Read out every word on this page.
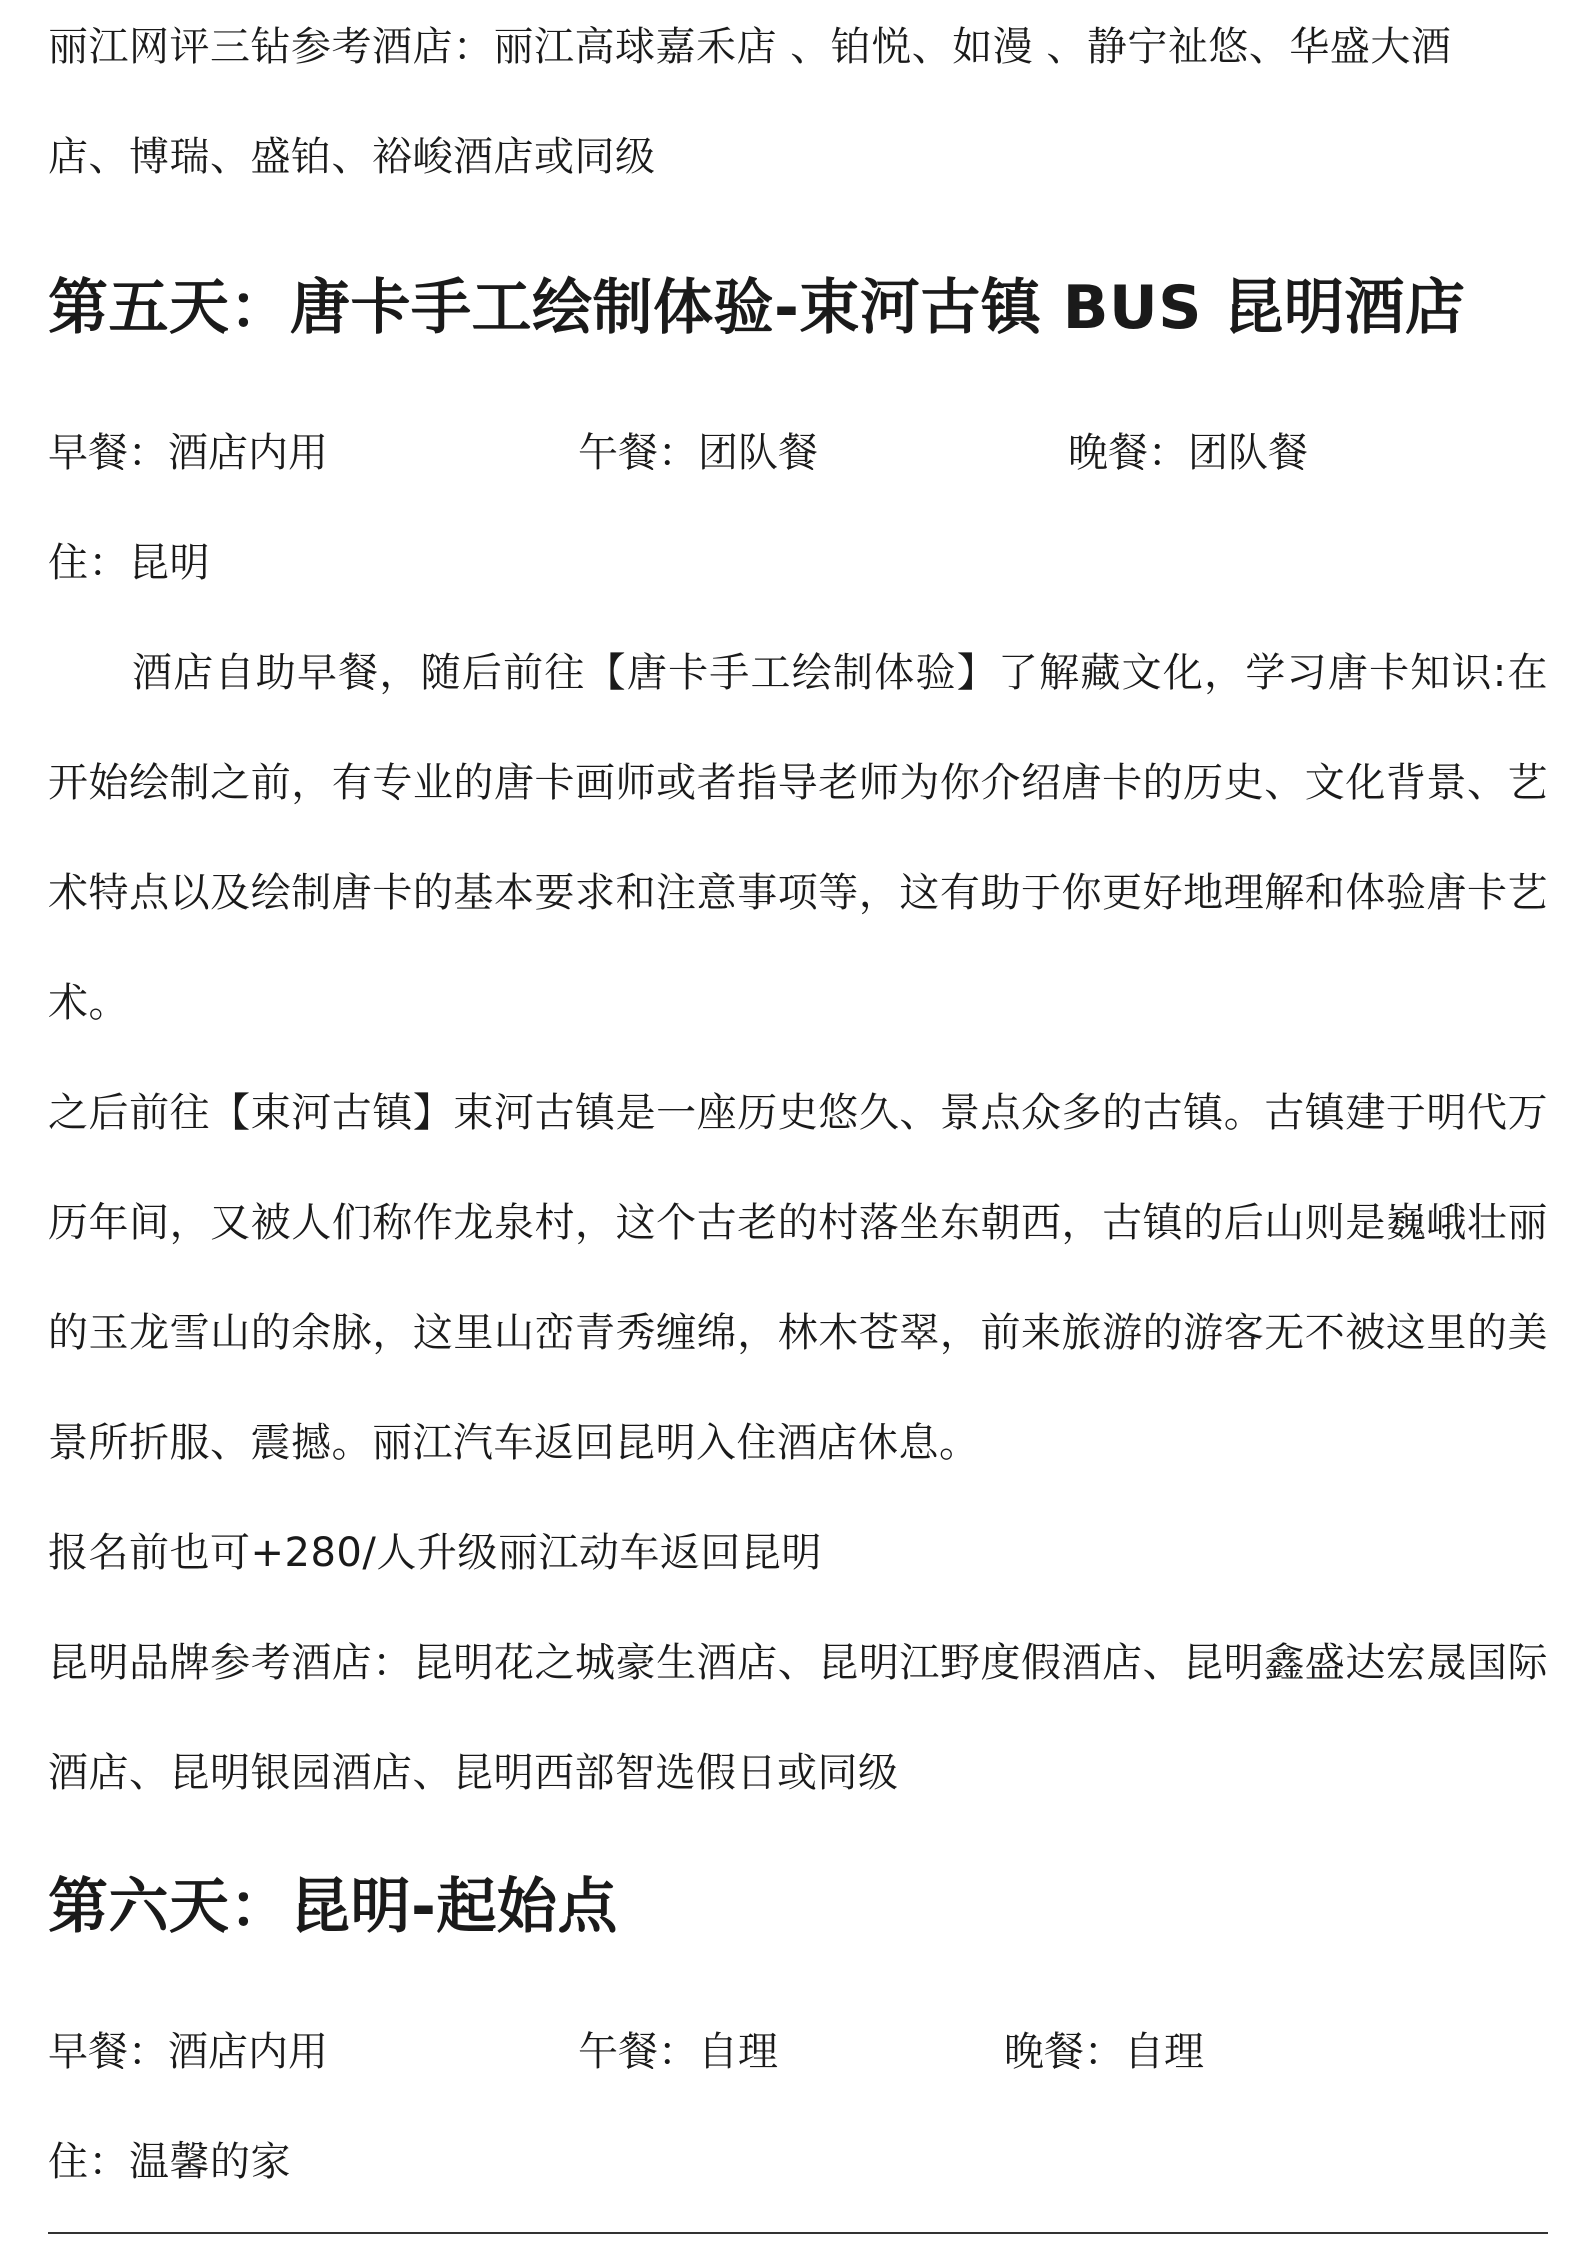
丽江网评三钻参考酒店：丽江高球嘉禾店 、铂悦、如漫 、静宁祉悠、华盛大酒

店、博瑞、盛铂、裕峻酒店或同级

第五天：唐卡手工绘制体验-束河古镇 BUS 昆明酒店
早餐：酒店内用	午餐：团队餐	晚餐：团队餐

住：昆明

酒店自助早餐，随后前往【唐卡手工绘制体验】了解藏文化，学习唐卡知识:在开始绘制之前，有专业的唐卡画师或者指导老师为你介绍唐卡的历史、文化背景、艺术特点以及绘制唐卡的基本要求和注意事项等，这有助于你更好地理解和体验唐卡艺术。

之后前往【束河古镇】束河古镇是一座历史悠久、景点众多的古镇。古镇建于明代万历年间，又被人们称作龙泉村，这个古老的村落坐东朝西，古镇的后山则是巍峨壮丽的玉龙雪山的余脉，这里山峦青秀缠绵，林木苍翠，前来旅游的游客无不被这里的美景所折服、震撼。丽江汽车返回昆明入住酒店休息。

报名前也可+280/人升级丽江动车返回昆明

昆明品牌参考酒店：昆明花之城豪生酒店、昆明江野度假酒店、昆明鑫盛达宏晟国际酒店、昆明银园酒店、昆明西部智选假日或同级

第六天：昆明-起始点
早餐：酒店内用	午餐：自理	晚餐：自理

住：温馨的家
